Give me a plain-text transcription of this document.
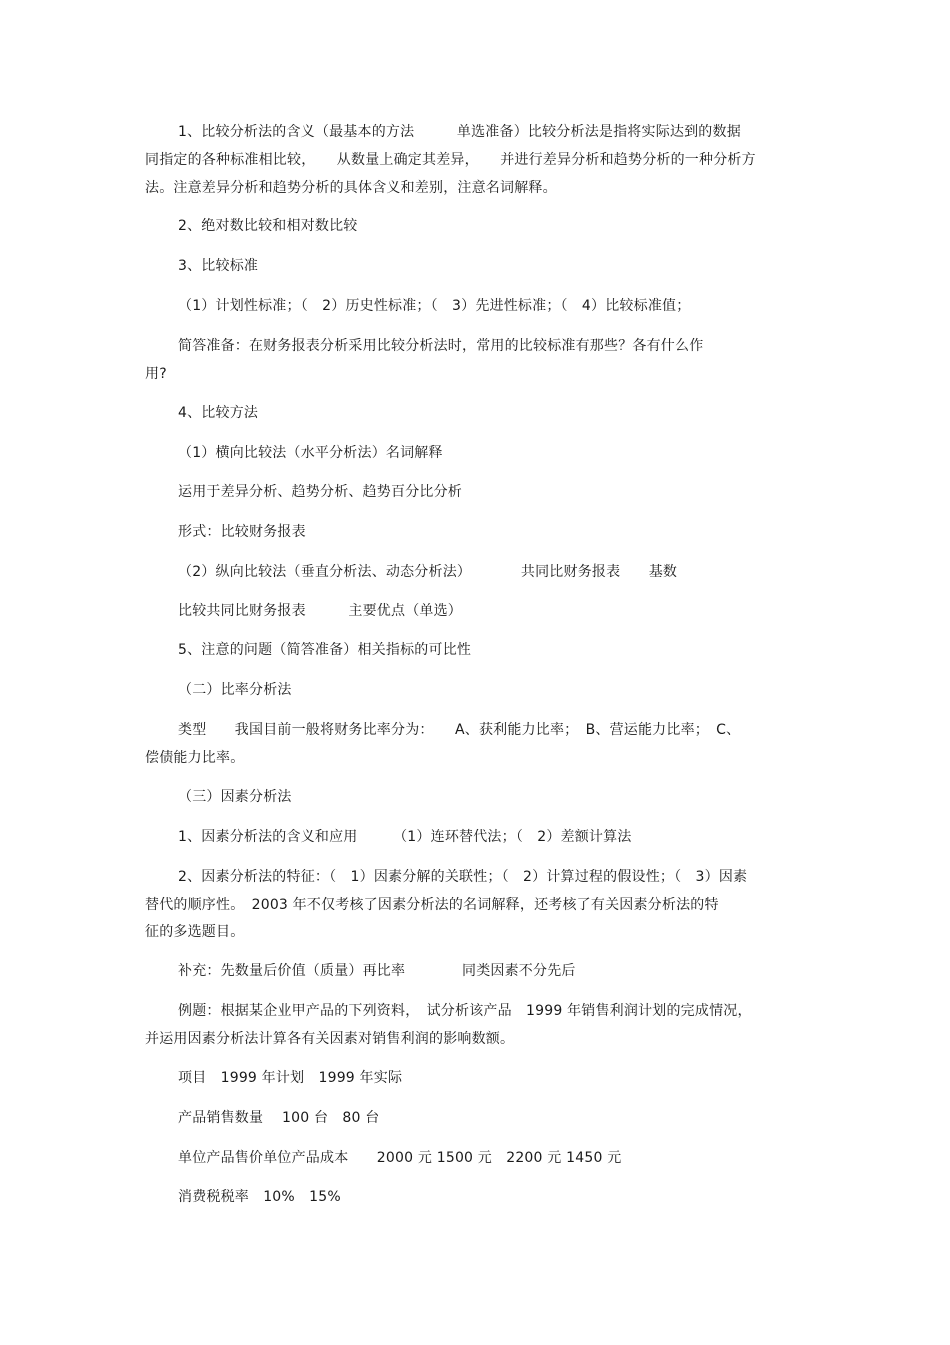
1、比较分析法的含义（最基本的方法　　　单选准备）比较分析法是指将实际达到的数据
同指定的各种标准相比较，　　从数量上确定其差异，　　并进行差异分析和趋势分析的一种分析方
法。注意差异分析和趋势分析的具体含义和差别，注意名词解释。
2、绝对数比较和相对数比较
3、比较标准
（1）计划性标准；（　2）历史性标准；（　3）先进性标准；（　4）比较标准值；
简答准备：在财务报表分析采用比较分析法时，常用的比较标准有那些？各有什么作
用?
4、比较方法
（1）横向比较法（水平分析法）名词解释
运用于差异分析、趋势分析、趋势百分比分析
形式：比较财务报表
（2）纵向比较法（垂直分析法、动态分析法）　　　　共同比财务报表　　基数
比较共同比财务报表　　　主要优点（单选）
5、注意的问题（简答准备）相关指标的可比性
（二）比率分析法
类型　　我国目前一般将财务比率分为：　　A、获利能力比率；　B、营运能力比率；　C、
偿债能力比率。
（三）因素分析法
1、因素分析法的含义和应用　　　（1）连环替代法；（　2）差额计算法
2、因素分析法的特征：（　1）因素分解的关联性；（　2）计算过程的假设性；（　3）因素
替代的顺序性。　2003 年不仅考核了因素分析法的名词解释，还考核了有关因素分析法的特
征的多选题目。
补充：先数量后价值（质量）再比率　　　　同类因素不分先后
例题：根据某企业甲产品的下列资料，　试分析该产品　1999 年销售利润计划的完成情况，
并运用因素分析法计算各有关因素对销售利润的影响数额。
项目　1999 年计划　1999 年实际
产品销售数量　 100 台　80 台
单位产品售价单位产品成本　　2000 元 1500 元　2200 元 1450 元
消费税税率　10%　15%
